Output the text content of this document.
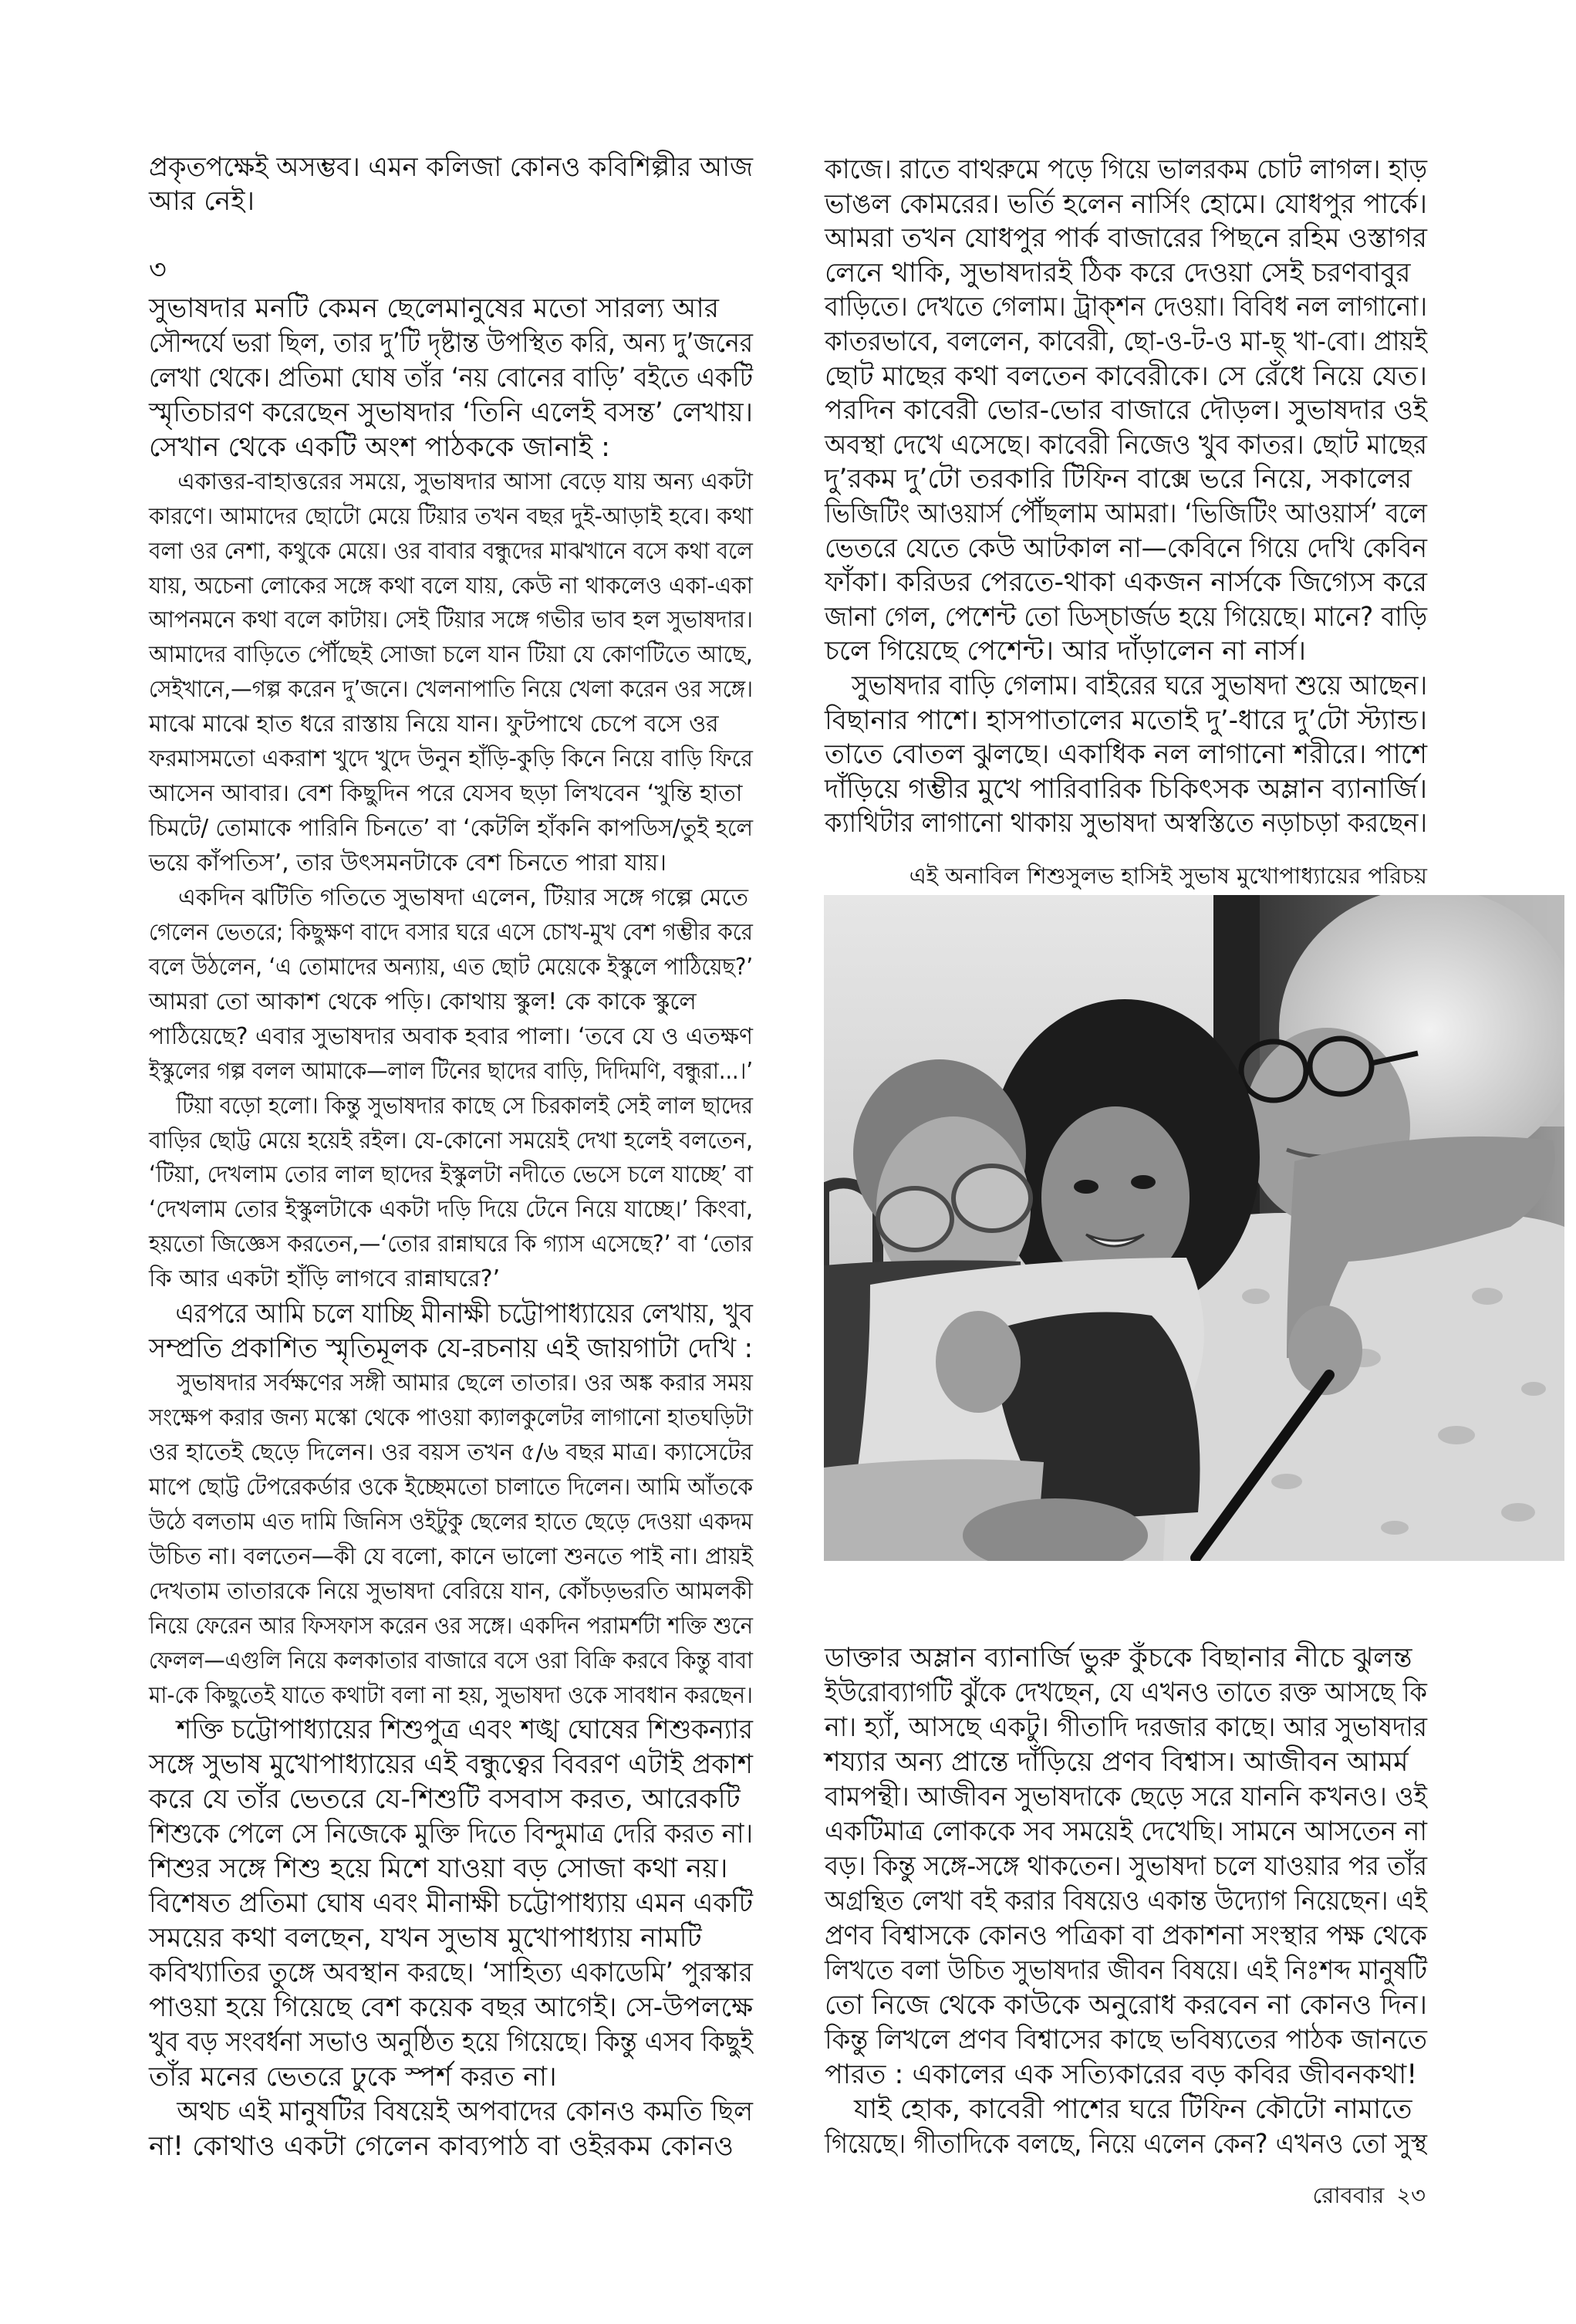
প্রকৃতপক্ষেই অসম্ভব। এমন কলিজা কোনও কবিশিল্পীর আজ
আর নেই।
৩
সুভাষদার মনটি কেমন ছেলেমানুষের মতো সারল্য আর
সৌন্দর্যে ভরা ছিল, তার দু’টি দৃষ্টান্ত উপস্থিত করি, অন্য দু’জনের
লেখা থেকে। প্রতিমা ঘোষ তাঁর ‘নয় বোনের বাড়ি’ বইতে একটি
স্মৃতিচারণ করেছেন সুভাষদার ‘তিনি এলেই বসন্ত’ লেখায়।
সেখান থেকে একটি অংশ পাঠককে জানাই :
একাত্তর-বাহাত্তরের সময়ে, সুভাষদার আসা বেড়ে যায় অন্য একটা
কারণে। আমাদের ছোটো মেয়ে টিয়ার তখন বছর দুই-আড়াই হবে। কথা
বলা ওর নেশা, কথুকে মেয়ে। ওর বাবার বন্ধুদের মাঝখানে বসে কথা বলে
যায়, অচেনা লোকের সঙ্গে কথা বলে যায়, কেউ না থাকলেও একা-একা
আপনমনে কথা বলে কাটায়। সেই টিয়ার সঙ্গে গভীর ভাব হল সুভাষদার।
আমাদের বাড়িতে পৌঁছেই সোজা চলে যান টিয়া যে কোণটিতে আছে,
সেইখানে,—গল্প করেন দু’জনে। খেলনাপাতি নিয়ে খেলা করেন ওর সঙ্গে।
মাঝে মাঝে হাত ধরে রাস্তায় নিয়ে যান। ফুটপাথে চেপে বসে ওর
ফরমাসমতো একরাশ খুদে খুদে উনুন হাঁড়ি-কুড়ি কিনে নিয়ে বাড়ি ফিরে
আসেন আবার। বেশ কিছুদিন পরে যেসব ছড়া লিখবেন ‘খুন্তি হাতা
চিমটে/ তোমাকে পারিনি চিনতে’ বা ‘কেটলি হাঁকনি কাপডিস/তুই হলে
ভয়ে কাঁপতিস’, তার উৎসমনটাকে বেশ চিনতে পারা যায়।
একদিন ঝটিতি গতিতে সুভাষদা এলেন, টিয়ার সঙ্গে গল্পে মেতে
গেলেন ভেতরে; কিছুক্ষণ বাদে বসার ঘরে এসে চোখ-মুখ বেশ গম্ভীর করে
বলে উঠলেন, ‘এ তোমাদের অন্যায়, এত ছোট মেয়েকে ইস্কুলে পাঠিয়েছ?’
আমরা তো আকাশ থেকে পড়ি। কোথায় স্কুল! কে কাকে স্কুলে
পাঠিয়েছে? এবার সুভাষদার অবাক হবার পালা। ‘তবে যে ও এতক্ষণ
ইস্কুলের গল্প বলল আমাকে—লাল টিনের ছাদের বাড়ি, দিদিমণি, বন্ধুরা...।’
টিয়া বড়ো হলো। কিন্তু সুভাষদার কাছে সে চিরকালই সেই লাল ছাদের
বাড়ির ছোট্ট মেয়ে হয়েই রইল। যে-কোনো সময়েই দেখা হলেই বলতেন,
‘টিয়া, দেখলাম তোর লাল ছাদের ইস্কুলটা নদীতে ভেসে চলে যাচ্ছে’ বা
‘দেখলাম তোর ইস্কুলটাকে একটা দড়ি দিয়ে টেনে নিয়ে যাচ্ছে।’ কিংবা,
হয়তো জিজ্ঞেস করতেন,—‘তোর রান্নাঘরে কি গ্যাস এসেছে?’ বা ‘তোর
কি আর একটা হাঁড়ি লাগবে রান্নাঘরে?’
এরপরে আমি চলে যাচ্ছি মীনাক্ষী চট্টোপাধ্যায়ের লেখায়, খুব
সম্প্রতি প্রকাশিত স্মৃতিমূলক যে-রচনায় এই জায়গাটা দেখি :
সুভাষদার সর্বক্ষণের সঙ্গী আমার ছেলে তাতার। ওর অঙ্ক করার সময়
সংক্ষেপ করার জন্য মস্কো থেকে পাওয়া ক্যালকুলেটর লাগানো হাতঘড়িটা
ওর হাতেই ছেড়ে দিলেন। ওর বয়স তখন ৫/৬ বছর মাত্র। ক্যাসেটের
মাপে ছোট্ট টেপরেকর্ডার ওকে ইচ্ছেমতো চালাতে দিলেন। আমি আঁতকে
উঠে বলতাম এত দামি জিনিস ওইটুকু ছেলের হাতে ছেড়ে দেওয়া একদম
উচিত না। বলতেন—কী যে বলো, কানে ভালো শুনতে পাই না। প্রায়ই
দেখতাম তাতারকে নিয়ে সুভাষদা বেরিয়ে যান, কোঁচড়ভরতি আমলকী
নিয়ে ফেরেন আর ফিসফাস করেন ওর সঙ্গে। একদিন পরামর্শটা শক্তি শুনে
ফেলল—এগুলি নিয়ে কলকাতার বাজারে বসে ওরা বিক্রি করবে কিন্তু বাবা
মা-কে কিছুতেই যাতে কথাটা বলা না হয়, সুভাষদা ওকে সাবধান করছেন।
শক্তি চট্টোপাধ্যায়ের শিশুপুত্র এবং শঙ্খ ঘোষের শিশুকন্যার
সঙ্গে সুভাষ মুখোপাধ্যায়ের এই বন্ধুত্বের বিবরণ এটাই প্রকাশ
করে যে তাঁর ভেতরে যে-শিশুটি বসবাস করত, আরেকটি
শিশুকে পেলে সে নিজেকে মুক্তি দিতে বিন্দুমাত্র দেরি করত না।
শিশুর সঙ্গে শিশু হয়ে মিশে যাওয়া বড় সোজা কথা নয়।
বিশেষত প্রতিমা ঘোষ এবং মীনাক্ষী চট্টোপাধ্যায় এমন একটি
সময়ের কথা বলছেন, যখন সুভাষ মুখোপাধ্যায় নামটি
কবিখ্যাতির তুঙ্গে অবস্থান করছে। ‘সাহিত্য একাডেমি’ পুরস্কার
পাওয়া হয়ে গিয়েছে বেশ কয়েক বছর আগেই। সে-উপলক্ষে
খুব বড় সংবর্ধনা সভাও অনুষ্ঠিত হয়ে গিয়েছে। কিন্তু এসব কিছুই
তাঁর মনের ভেতরে ঢুকে স্পর্শ করত না।
অথচ এই মানুষটির বিষয়েই অপবাদের কোনও কমতি ছিল
না! কোথাও একটা গেলেন কাব্যপাঠ বা ওইরকম কোনও
কাজে। রাতে বাথরুমে পড়ে গিয়ে ভালরকম চোট লাগল। হাড়
ভাঙল কোমরের। ভর্তি হলেন নার্সিং হোমে। যোধপুর পার্কে।
আমরা তখন যোধপুর পার্ক বাজারের পিছনে রহিম ওস্তাগর
লেনে থাকি, সুভাষদারই ঠিক করে দেওয়া সেই চরণবাবুর
বাড়িতে। দেখতে গেলাম। ট্রাক্‌শন দেওয়া। বিবিধ নল লাগানো।
কাতরভাবে, বললেন, কাবেরী, ছো-ও-ট-ও মা-ছ্ খা-বো। প্রায়ই
ছোট মাছের কথা বলতেন কাবেরীকে। সে রেঁধে নিয়ে যেত।
পরদিন কাবেরী ভোর-ভোর বাজারে দৌড়ল। সুভাষদার ওই
অবস্থা দেখে এসেছে। কাবেরী নিজেও খুব কাতর। ছোট মাছের
দু’রকম দু’টো তরকারি টিফিন বাক্সে ভরে নিয়ে, সকালের
ভিজিটিং আওয়ার্স পৌঁছলাম আমরা। ‘ভিজিটিং আওয়ার্স’ বলে
ভেতরে যেতে কেউ আটকাল না—কেবিনে গিয়ে দেখি কেবিন
ফাঁকা। করিডর পেরতে-থাকা একজন নার্সকে জিগ্যেস করে
জানা গেল, পেশেন্ট তো ডিস্‌চার্জড হয়ে গিয়েছে। মানে? বাড়ি
চলে গিয়েছে পেশেন্ট। আর দাঁড়ালেন না নার্স।
সুভাষদার বাড়ি গেলাম। বাইরের ঘরে সুভাষদা শুয়ে আছেন।
বিছানার পাশে। হাসপাতালের মতোই দু’-ধারে দু’টো স্ট্যান্ড।
তাতে বোতল ঝুলছে। একাধিক নল লাগানো শরীরে। পাশে
দাঁড়িয়ে গম্ভীর মুখে পারিবারিক চিকিৎসক অম্লান ব্যানার্জি।
ক্যাথিটার লাগানো থাকায় সুভাষদা অস্বস্তিতে নড়াচড়া করছেন।
এই অনাবিল শিশুসুলভ হাসিই সুভাষ মুখোপাধ্যায়ের পরিচয়
ডাক্তার অম্লান ব্যানার্জি ভুরু কুঁচকে বিছানার নীচে ঝুলন্ত
ইউরোব্যাগটি ঝুঁকে দেখছেন, যে এখনও তাতে রক্ত আসছে কি
না। হ্যাঁ, আসছে একটু। গীতাদি দরজার কাছে। আর সুভাষদার
শয্যার অন্য প্রান্তে দাঁড়িয়ে প্রণব বিশ্বাস। আজীবন আমর্ম
বামপন্থী। আজীবন সুভাষদাকে ছেড়ে সরে যাননি কখনও। ওই
একটিমাত্র লোককে সব সময়েই দেখেছি। সামনে আসতেন না
বড়। কিন্তু সঙ্গে-সঙ্গে থাকতেন। সুভাষদা চলে যাওয়ার পর তাঁর
অগ্রন্থিত লেখা বই করার বিষয়েও একান্ত উদ্যোগ নিয়েছেন। এই
প্রণব বিশ্বাসকে কোনও পত্রিকা বা প্রকাশনা সংস্থার পক্ষ থেকে
লিখতে বলা উচিত সুভাষদার জীবন বিষয়ে। এই নিঃশব্দ মানুষটি
তো নিজে থেকে কাউকে অনুরোধ করবেন না কোনও দিন।
কিন্তু লিখলে প্রণব বিশ্বাসের কাছে ভবিষ্যতের পাঠক জানতে
পারত : একালের এক সত্যিকারের বড় কবির জীবনকথা!
যাই হোক, কাবেরী পাশের ঘরে টিফিন কৌটো নামাতে
গিয়েছে। গীতাদিকে বলছে, নিয়ে এলেন কেন? এখনও তো সুস্থ
রোববার ২৩
